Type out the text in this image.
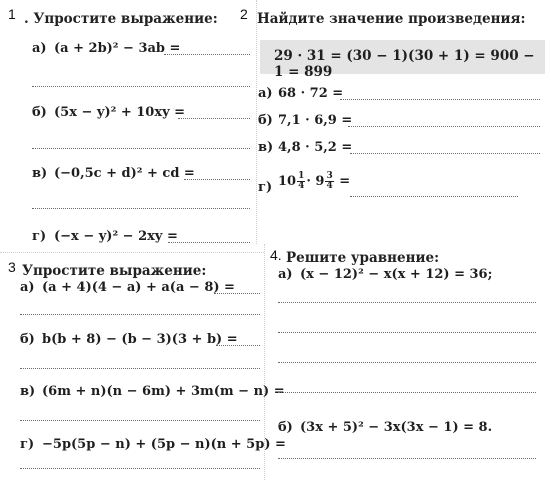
1 . Упростите выражение:
а) (a + 2b)² − 3ab =
б) (5x − y)² + 10xy =
в) (−0,5c + d)² + cd =
г) (−x − y)² − 2xy =
2 Найдите значение произведения:
29 · 31 = (30 − 1)(30 + 1) = 900 − 1 = 899
а) 68 · 72 =
б) 7,1 · 6,9 =
в) 4,8 · 5,2 =
г) $10 \frac{1}{4} \cdot 9 \frac{3}{4}$ =
3 Упростите выражение:
а) (a + 4)(4 − a) + a(a − 8) =
б) b(b + 8) − (b − 3)(3 + b) =
в) (6m + n)(n − 6m) + 3m(m − n) =
г) −5p(5p − n) + (5p − n)(n + 5p) =
4. Решите уравнение:
а) (x − 12)² − x(x + 12) = 36;
б) (3x + 5)² − 3x(3x − 1) = 8.
